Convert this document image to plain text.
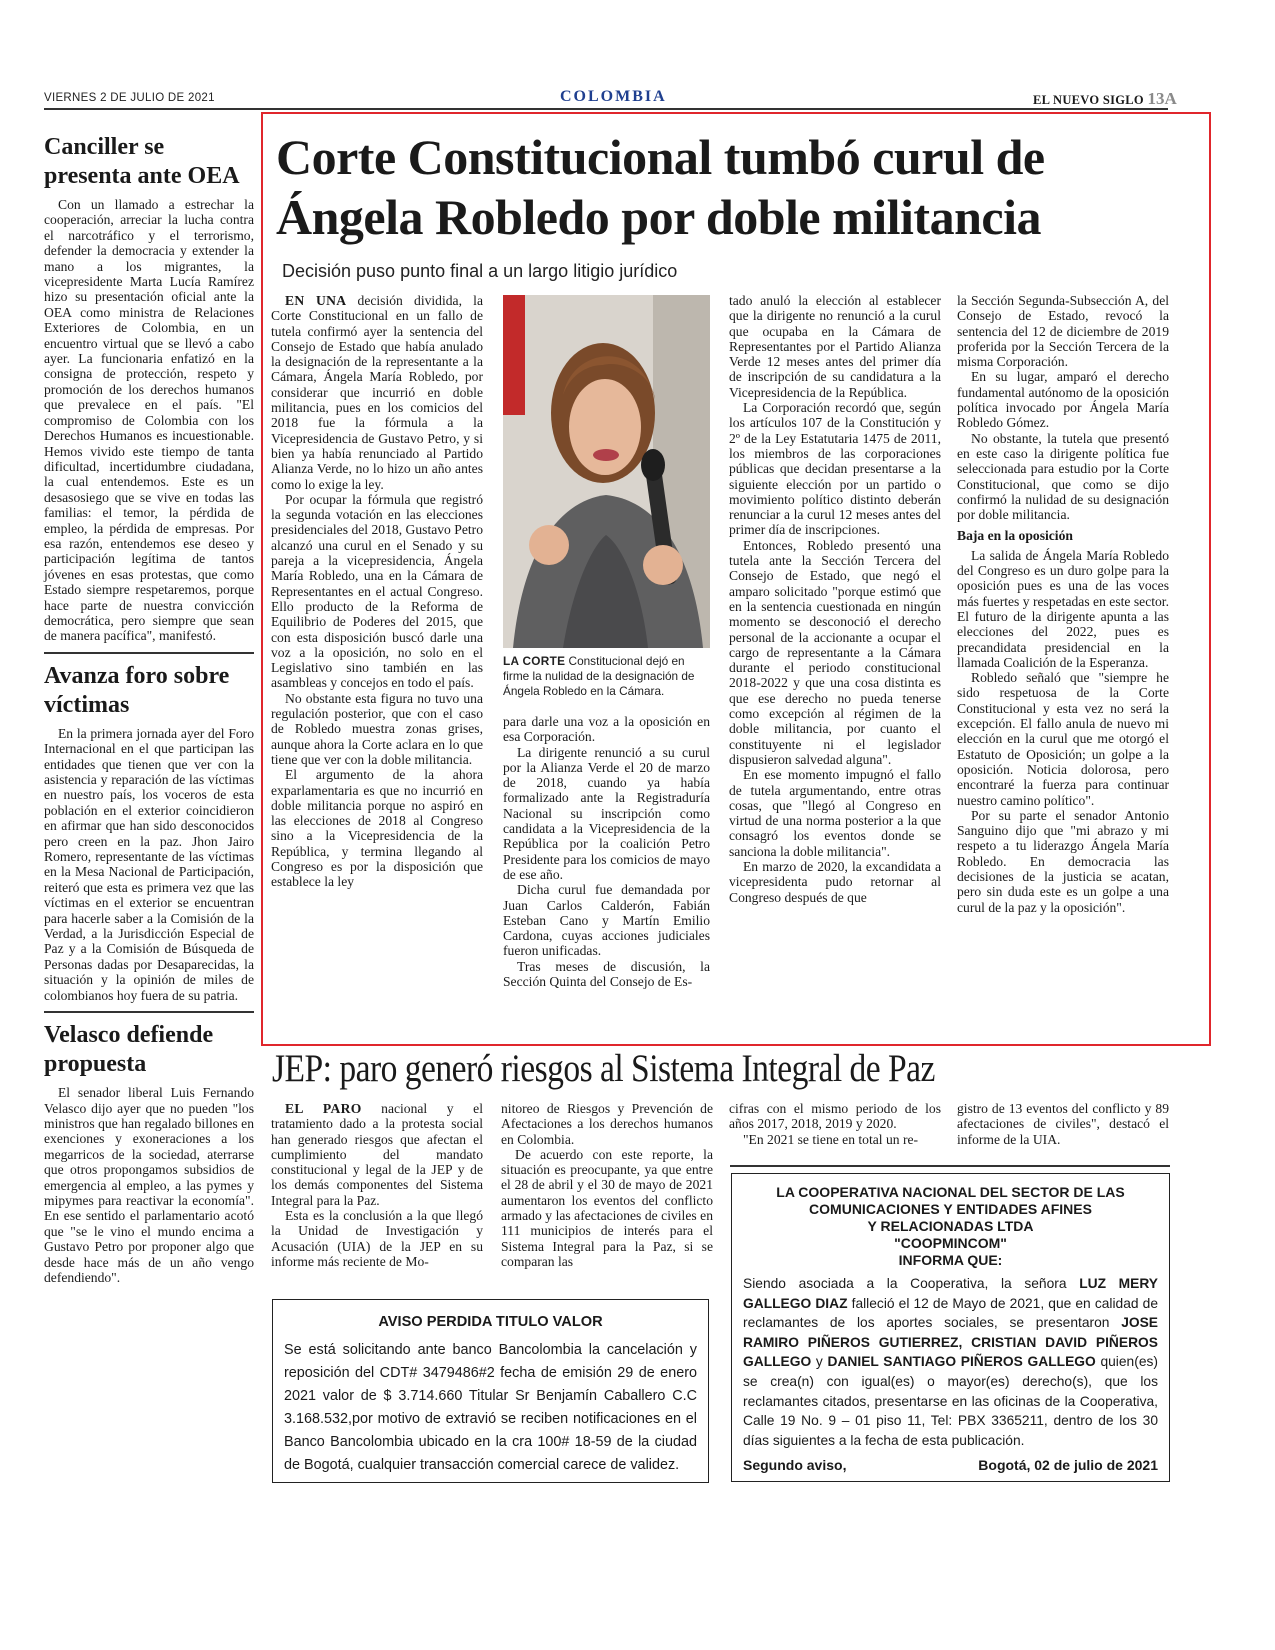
VIERNES 2 DE JULIO DE 2021	COLOMBIA	EL NUEVO SIGLO 13A
Canciller se presenta ante OEA

Con un llamado a estrechar la cooperación, arreciar la lucha contra el narcotráfico y el terrorismo, defender la democracia y extender la mano a los migrantes, la vicepresidente Marta Lucía Ramírez hizo su presentación oficial ante la OEA como ministra de Relaciones Exteriores de Colombia, en un encuentro virtual que se llevó a cabo ayer. La funcionaria enfatizó en la consigna de protección, respeto y promoción de los derechos humanos que prevalece en el país. "El compromiso de Colombia con los Derechos Humanos es incuestionable. Hemos vivido este tiempo de tanta dificultad, incertidumbre ciudadana, la cual entendemos. Este es un desasosiego que se vive en todas las familias: el temor, la pérdida de empleo, la pérdida de empresas. Por esa razón, entendemos ese deseo y participación legítima de tantos jóvenes en esas protestas, que como Estado siempre respetaremos, porque hace parte de nuestra convicción democrática, pero siempre que sean de manera pacífica", manifestó.

Avanza foro sobre víctimas

En la primera jornada ayer del Foro Internacional en el que participan las entidades que tienen que ver con la asistencia y reparación de las víctimas en nuestro país, los voceros de esta población en el exterior coincidieron en afirmar que han sido desconocidos pero creen en la paz. Jhon Jairo Romero, representante de las víctimas en la Mesa Nacional de Participación, reiteró que esta es primera vez que las víctimas en el exterior se encuentran para hacerle saber a la Comisión de la Verdad, a la Jurisdicción Especial de Paz y a la Comisión de Búsqueda de Personas dadas por Desaparecidas, la situación y la opinión de miles de colombianos hoy fuera de su patria.

Velasco defiende propuesta

El senador liberal Luis Fernando Velasco dijo ayer que no pueden "los ministros que han regalado billones en exenciones y exoneraciones a los megarricos de la sociedad, aterrarse que otros propongamos subsidios de emergencia al empleo, a las pymes y mipymes para reactivar la economía". En ese sentido el parlamentario acotó que "se le vino el mundo encima a Gustavo Petro por proponer algo que desde hace más de un año vengo defendiendo".

Corte Constitucional tumbó curul de
Ángela Robledo por doble militancia
Decisión puso punto final a un largo litigio jurídico

EN UNA decisión dividida, la Corte Constitucional en un fallo de tutela confirmó ayer la sentencia del Consejo de Estado que había anulado la designación de la representante a la Cámara, Ángela María Robledo, por considerar que incurrió en doble militancia, pues en los comicios del 2018 fue la fórmula a la Vicepresidencia de Gustavo Petro, y si bien ya había renunciado al Partido Alianza Verde, no lo hizo un año antes como lo exige la ley.

Por ocupar la fórmula que registró la segunda votación en las elecciones presidenciales del 2018, Gustavo Petro alcanzó una curul en el Senado y su pareja a la vicepresidencia, Ángela María Robledo, una en la Cámara de Representantes en el actual Congreso. Ello producto de la Reforma de Equilibrio de Poderes del 2015, que con esta disposición buscó darle una voz a la oposición, no solo en el Legislativo sino también en las asambleas y concejos en todo el país.

No obstante esta figura no tuvo una regulación posterior, que con el caso de Robledo muestra zonas grises, aunque ahora la Corte aclara en lo que tiene que ver con la doble militancia.

El argumento de la ahora exparlamentaria es que no incurrió en doble militancia porque no aspiró en las elecciones de 2018 al Congreso sino a la Vicepresidencia de la República, y termina llegando al Congreso es por la disposición que establece la ley

LA CORTE Constitucional dejó en firme la nulidad de la designación de Ángela Robledo en la Cámara.

para darle una voz a la oposición en esa Corporación.

La dirigente renunció a su curul por la Alianza Verde el 20 de marzo de 2018, cuando ya había formalizado ante la Registraduría Nacional su inscripción como candidata a la Vicepresidencia de la República por la coalición Petro Presidente para los comicios de mayo de ese año.

Dicha curul fue demandada por Juan Carlos Calderón, Fabián Esteban Cano y Martín Emilio Cardona, cuyas acciones judiciales fueron unificadas.

Tras meses de discusión, la Sección Quinta del Consejo de Es-

tado anuló la elección al establecer que la dirigente no renunció a la curul que ocupaba en la Cámara de Representantes por el Partido Alianza Verde 12 meses antes del primer día de inscripción de su candidatura a la Vicepresidencia de la República.

La Corporación recordó que, según los artículos 107 de la Constitución y 2º de la Ley Estatutaria 1475 de 2011, los miembros de las corporaciones públicas que decidan presentarse a la siguiente elección por un partido o movimiento político distinto deberán renunciar a la curul 12 meses antes del primer día de inscripciones.

Entonces, Robledo presentó una tutela ante la Sección Tercera del Consejo de Estado, que negó el amparo solicitado "porque estimó que en la sentencia cuestionada en ningún momento se desconoció el derecho personal de la accionante a ocupar el cargo de representante a la Cámara durante el periodo constitucional 2018-2022 y que una cosa distinta es que ese derecho no pueda tenerse como excepción al régimen de la doble militancia, por cuanto el constituyente ni el legislador dispusieron salvedad alguna".

En ese momento impugnó el fallo de tutela argumentando, entre otras cosas, que "llegó al Congreso en virtud de una norma posterior a la que consagró los eventos donde se sanciona la doble militancia".

En marzo de 2020, la excandidata a vicepresidenta pudo retornar al Congreso después de que

la Sección Segunda-Subsección A, del Consejo de Estado, revocó la sentencia del 12 de diciembre de 2019 proferida por la Sección Tercera de la misma Corporación.

En su lugar, amparó el derecho fundamental autónomo de la oposición política invocado por Ángela María Robledo Gómez.

No obstante, la tutela que presentó en este caso la dirigente política fue seleccionada para estudio por la Corte Constitucional, que como se dijo confirmó la nulidad de su designación por doble militancia.

Baja en la oposición

La salida de Ángela María Robledo del Congreso es un duro golpe para la oposición pues es una de las voces más fuertes y respetadas en este sector. El futuro de la dirigente apunta a las elecciones del 2022, pues es precandidata presidencial en la llamada Coalición de la Esperanza.

Robledo señaló que "siempre he sido respetuosa de la Corte Constitucional y esta vez no será la excepción. El fallo anula de nuevo mi elección en la curul que me otorgó el Estatuto de Oposición; un golpe a la oposición. Noticia dolorosa, pero encontraré la fuerza para continuar nuestro camino político".

Por su parte el senador Antonio Sanguino dijo que "mi abrazo y mi respeto a tu liderazgo Ángela María Robledo. En democracia las decisiones de la justicia se acatan, pero sin duda este es un golpe a una curul de la paz y la oposición".

JEP: paro generó riesgos al Sistema Integral de Paz

EL PARO nacional y el tratamiento dado a la protesta social han generado riesgos que afectan el cumplimiento del mandato constitucional y legal de la JEP y de los demás componentes del Sistema Integral para la Paz.

Esta es la conclusión a la que llegó la Unidad de Investigación y Acusación (UIA) de la JEP en su informe más reciente de Mo-

nitoreo de Riesgos y Prevención de Afectaciones a los derechos humanos en Colombia.

De acuerdo con este reporte, la situación es preocupante, ya que entre el 28 de abril y el 30 de mayo de 2021 aumentaron los eventos del conflicto armado y las afectaciones de civiles en 111 municipios de interés para el Sistema Integral para la Paz, si se comparan las

cifras con el mismo periodo de los años 2017, 2018, 2019 y 2020.

"En 2021 se tiene en total un re-

gistro de 13 eventos del conflicto y 89 afectaciones de civiles", destacó el informe de la UIA.

AVISO PERDIDA TITULO VALOR

Se está solicitando ante banco Bancolombia la cancelación y reposición del CDT# 3479486#2 fecha de emisión 29 de enero 2021 valor de $ 3.714.660 Titular Sr Benjamín Caballero C.C 3.168.532,por motivo de extravió se reciben notificaciones en el Banco Bancolombia ubicado en la cra 100# 18-59 de la ciudad de Bogotá, cualquier transacción comercial carece de validez.

LA COOPERATIVA NACIONAL DEL SECTOR DE LAS

COMUNICACIONES Y ENTIDADES AFINES

Y RELACIONADAS LTDA

"COOPMINCOM"

INFORMA QUE:

Siendo asociada a la Cooperativa, la señora LUZ MERY GALLEGO DIAZ falleció el 12 de Mayo de 2021, que en calidad de reclamantes de los aportes sociales, se presentaron JOSE RAMIRO PIÑEROS GUTIERREZ, CRISTIAN DAVID PIÑEROS GALLEGO y DANIEL SANTIAGO PIÑEROS GALLEGO quien(es) se crea(n) con igual(es) o mayor(es) derecho(s), que los reclamantes citados, presentarse en las oficinas de la Cooperativa, Calle 19 No. 9 – 01 piso 11, Tel: PBX 3365211, dentro de los 30 días siguientes a la fecha de esta publicación.

Segundo aviso,	Bogotá, 02 de julio de 2021
